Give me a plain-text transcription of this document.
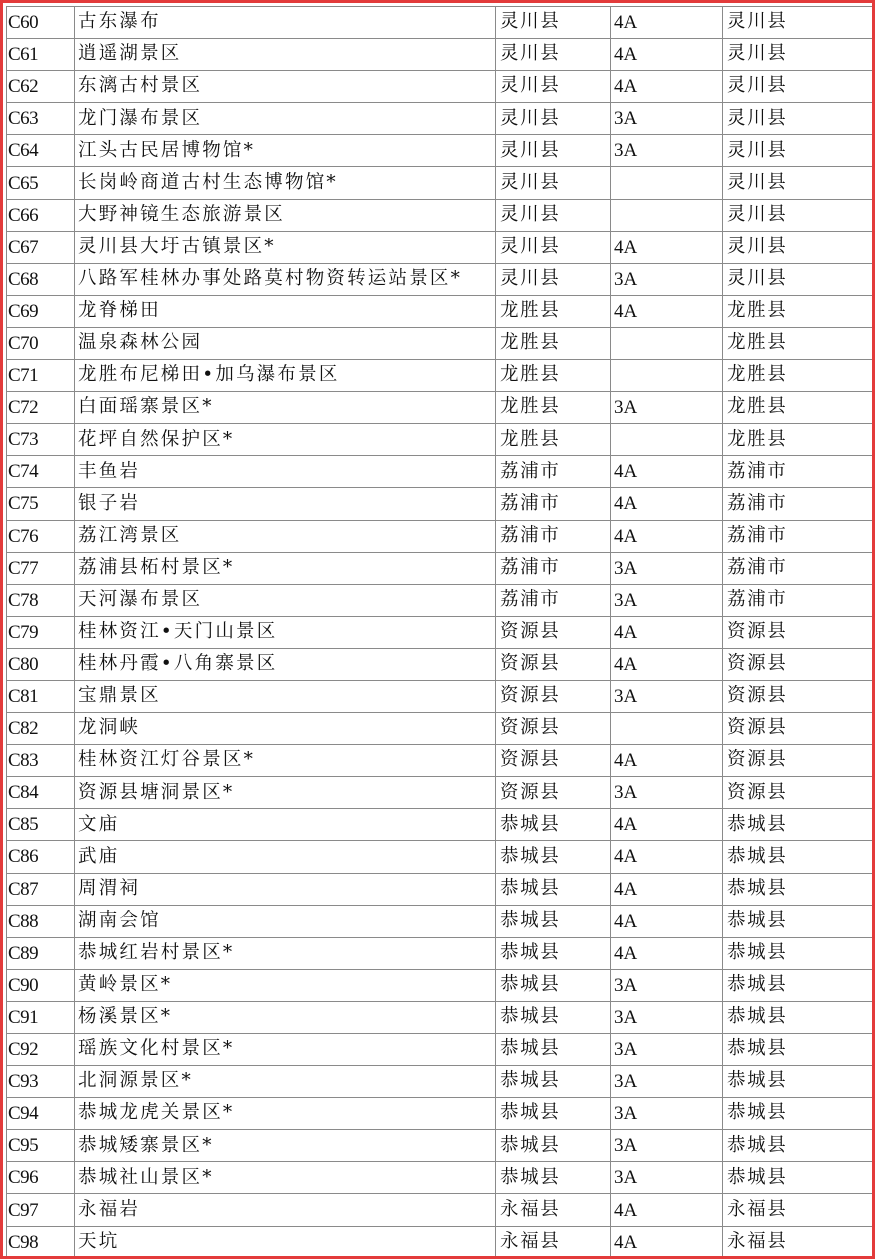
C60	古东瀑布	灵川县	4A	灵川县
C61	逍遥湖景区	灵川县	4A	灵川县
C62	东漓古村景区	灵川县	4A	灵川县
C63	龙门瀑布景区	灵川县	3A	灵川县
C64	江头古民居博物馆*	灵川县	3A	灵川县
C65	长岗岭商道古村生态博物馆*	灵川县		灵川县
C66	大野神镜生态旅游景区	灵川县		灵川县
C67	灵川县大圩古镇景区*	灵川县	4A	灵川县
C68	八路军桂林办事处路莫村物资转运站景区*	灵川县	3A	灵川县
C69	龙脊梯田	龙胜县	4A	龙胜县
C70	温泉森林公园	龙胜县		龙胜县
C71	龙胜布尼梯田•加乌瀑布景区	龙胜县		龙胜县
C72	白面瑶寨景区*	龙胜县	3A	龙胜县
C73	花坪自然保护区*	龙胜县		龙胜县
C74	丰鱼岩	荔浦市	4A	荔浦市
C75	银子岩	荔浦市	4A	荔浦市
C76	荔江湾景区	荔浦市	4A	荔浦市
C77	荔浦县柘村景区*	荔浦市	3A	荔浦市
C78	天河瀑布景区	荔浦市	3A	荔浦市
C79	桂林资江•天门山景区	资源县	4A	资源县
C80	桂林丹霞•八角寨景区	资源县	4A	资源县
C81	宝鼎景区	资源县	3A	资源县
C82	龙洞峡	资源县		资源县
C83	桂林资江灯谷景区*	资源县	4A	资源县
C84	资源县塘洞景区*	资源县	3A	资源县
C85	文庙	恭城县	4A	恭城县
C86	武庙	恭城县	4A	恭城县
C87	周渭祠	恭城县	4A	恭城县
C88	湖南会馆	恭城县	4A	恭城县
C89	恭城红岩村景区*	恭城县	4A	恭城县
C90	黄岭景区*	恭城县	3A	恭城县
C91	杨溪景区*	恭城县	3A	恭城县
C92	瑶族文化村景区*	恭城县	3A	恭城县
C93	北洞源景区*	恭城县	3A	恭城县
C94	恭城龙虎关景区*	恭城县	3A	恭城县
C95	恭城矮寨景区*	恭城县	3A	恭城县
C96	恭城社山景区*	恭城县	3A	恭城县
C97	永福岩	永福县	4A	永福县
C98	天坑	永福县	4A	永福县
